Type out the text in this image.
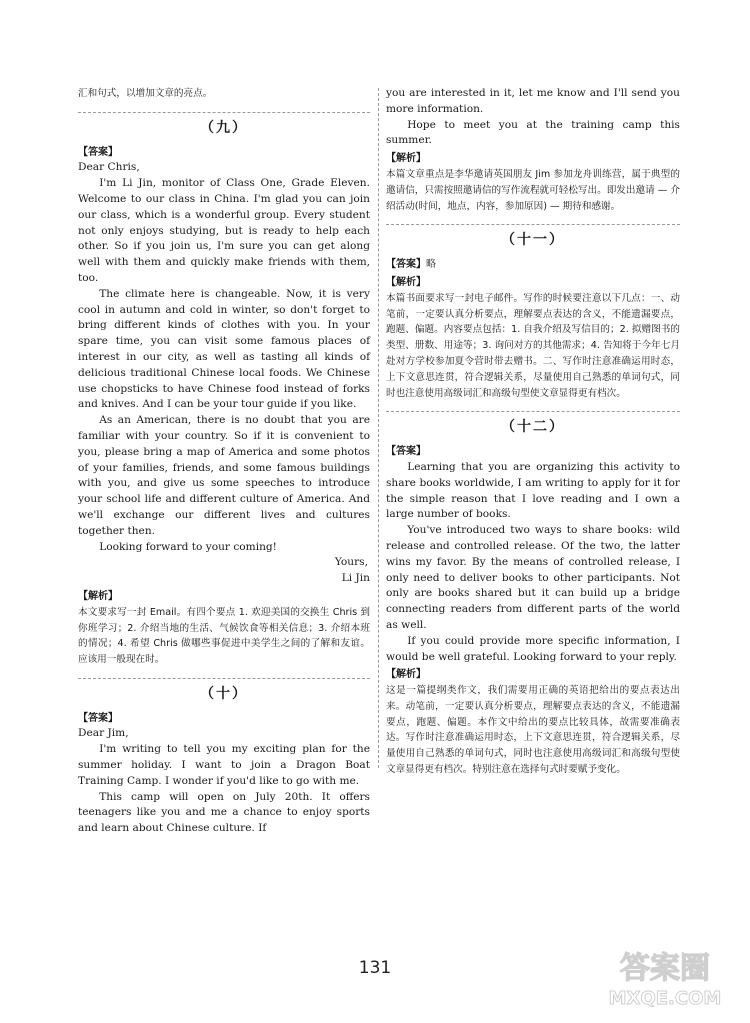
汇和句式，以增加文章的亮点。

（九）
【答案】

Dear Chris,

I'm Li Jin, monitor of Class One, Grade Eleven. Welcome to our class in China. I'm glad you can join our class, which is a wonderful group. Every student not only enjoys studying, but is ready to help each other. So if you join us, I'm sure you can get along well with them and quickly make friends with them, too.

The climate here is changeable. Now, it is very cool in autumn and cold in winter, so don't forget to bring different kinds of clothes with you. In your spare time, you can visit some famous places of interest in our city, as well as tasting all kinds of delicious traditional Chinese local foods. We Chinese use chopsticks to have Chinese food instead of forks and knives. And I can be your tour guide if you like.

As an American, there is no doubt that you are familiar with your country. So if it is convenient to you, please bring a map of America and some photos of your families, friends, and some famous buildings with you, and give us some speeches to introduce your school life and different culture of America. And we'll exchange our different lives and cultures together then.

Looking forward to your coming!

Yours,

Li Jin

【解析】

本文要求写一封 Email。有四个要点 1. 欢迎美国的交换生 Chris 到你班学习；2. 介绍当地的生活、气候饮食等相关信息；3. 介绍本班的情况；4. 希望 Chris 做哪些事促进中美学生之间的了解和友谊。应该用一般现在时。

（十）
【答案】

Dear Jim,

I'm writing to tell you my exciting plan for the summer holiday. I want to join a Dragon Boat Training Camp. I wonder if you'd like to go with me.

This camp will open on July 20th. It offers teenagers like you and me a chance to enjoy sports and learn about Chinese culture. If

you are interested in it, let me know and I'll send you more information.

Hope to meet you at the training camp this summer.

【解析】

本篇文章重点是李华邀请英国朋友 Jim 参加龙舟训练营，属于典型的邀请信，只需按照邀请信的写作流程就可轻松写出。即发出邀请 — 介绍活动(时间，地点，内容，参加原因) — 期待和感谢。

（十一）
【答案】略
【解析】

本篇书面要求写一封电子邮件。写作的时候要注意以下几点：一、动笔前，一定要认真分析要点，理解要点表达的含义，不能遗漏要点，跑题、偏题。内容要点包括：1. 自我介绍及写信目的；2. 拟赠图书的类型、册数、用途等；3. 询问对方的其他需求；4. 告知将于今年七月赴对方学校参加夏令营时带去赠书。二、写作时注意准确运用时态，上下文意思连贯，符合逻辑关系，尽量使用自己熟悉的单词句式，同时也注意使用高级词汇和高级句型使文章显得更有档次。

（十二）
【答案】

Learning that you are organizing this activity to share books worldwide, I am writing to apply for it for the simple reason that I love reading and I own a large number of books.

You've introduced two ways to share books: wild release and controlled release. Of the two, the latter wins my favor. By the means of controlled release, I only need to deliver books to other participants. Not only are books shared but it can build up a bridge connecting readers from different parts of the world as well.

If you could provide more specific information, I would be well grateful. Looking forward to your reply.

【解析】

这是一篇提纲类作文，我们需要用正确的英语把给出的要点表达出来。动笔前，一定要认真分析要点，理解要点表达的含义，不能遗漏要点，跑题、偏题。本作文中给出的要点比较具体，故需要准确表达。写作时注意准确运用时态，上下文意思连贯，符合逻辑关系，尽量使用自己熟悉的单词句式，同时也注意使用高级词汇和高级句型使文章显得更有档次。特别注意在选择句式时要赋予变化。

131	答案圈
MXQE.COM
